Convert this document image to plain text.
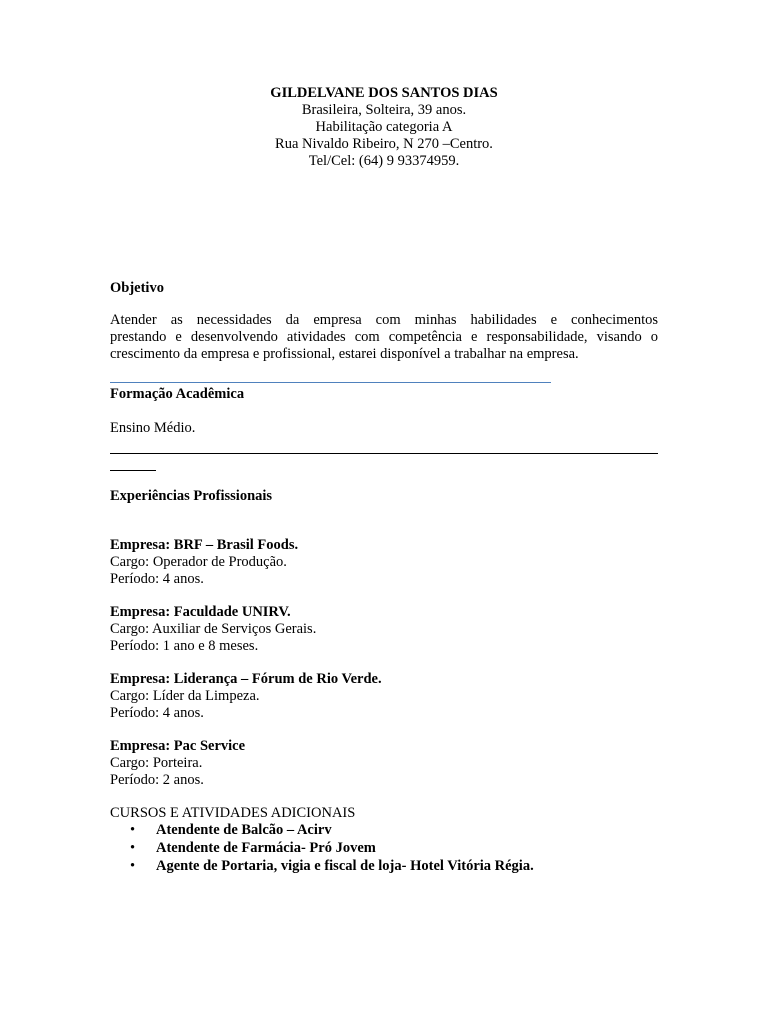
GILDELVANE DOS SANTOS DIAS
Brasileira, Solteira, 39 anos.
Habilitação categoria A
Rua Nivaldo Ribeiro, N 270 –Centro.
Tel/Cel: (64) 9 93374959.
Objetivo
Atender as necessidades da empresa com minhas habilidades e conhecimentos
prestando e desenvolvendo atividades com competência e responsabilidade, visando o
crescimento da empresa e profissional, estarei disponível a trabalhar na empresa.
Formação Acadêmica
Ensino Médio.
Experiências Profissionais
Empresa: BRF – Brasil Foods.
Cargo: Operador de Produção.
Período: 4 anos.
Empresa: Faculdade UNIRV.
Cargo: Auxiliar de Serviços Gerais.
Período: 1 ano e 8 meses.
Empresa: Liderança – Fórum de Rio Verde.
Cargo: Líder da Limpeza.
Período: 4 anos.
Empresa: Pac Service
Cargo: Porteira.
Período: 2 anos.
CURSOS E ATIVIDADES ADICIONAIS
• Atendente de Balcão – Acirv
• Atendente de Farmácia- Pró Jovem
• Agente de Portaria, vigia e fiscal de loja- Hotel Vitória Régia.
